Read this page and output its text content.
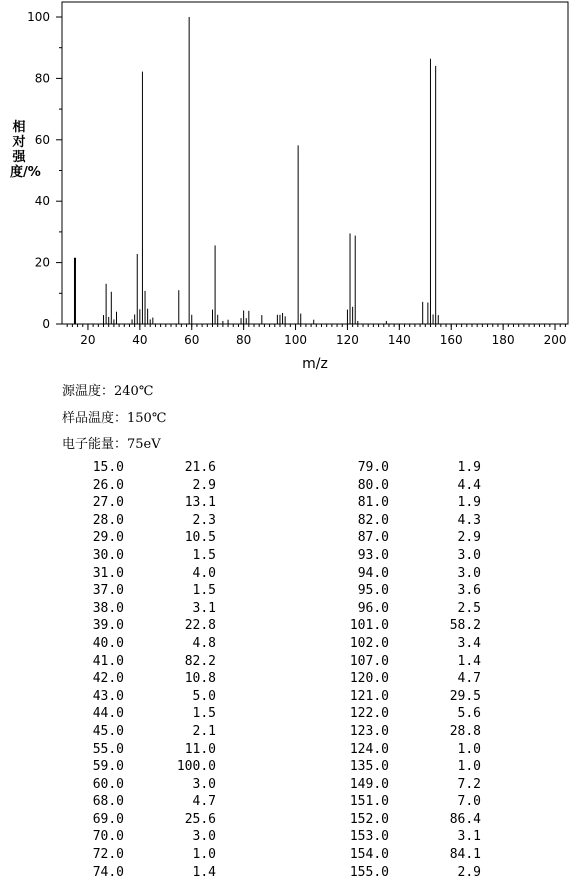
20	40	60	80	100 120 140 160 180 200
0
20
40
60
80
100
m/z
相对强度/%
源温度：240℃
样品温度：150℃
电子能量：75eV
15.0	21.6
26.0	2.9
27.0	13.1
28.0	2.3
29.0	10.5
30.0	1.5
31.0	4.0
37.0	1.5
38.0	3.1
39.0	22.8
40.0	4.8
41.0	82.2
42.0	10.8
43.0	5.0
44.0	1.5
45.0	2.1
55.0	11.0
59.0	100.0
60.0	3.0
68.0	4.7
69.0	25.6
70.0	3.0
72.0	1.0
74.0	1.4
79.0	1.9
80.0	4.4
81.0	1.9
82.0	4.3
87.0	2.9
93.0	3.0
94.0	3.0
95.0	3.6
96.0	2.5
101.0	58.2
102.0	3.4
107.0	1.4
120.0	4.7
121.0	29.5
122.0	5.6
123.0	28.8
124.0	1.0
135.0	1.0
149.0	7.2
151.0	7.0
152.0	86.4
153.0	3.1
154.0	84.1
155.0	2.9
